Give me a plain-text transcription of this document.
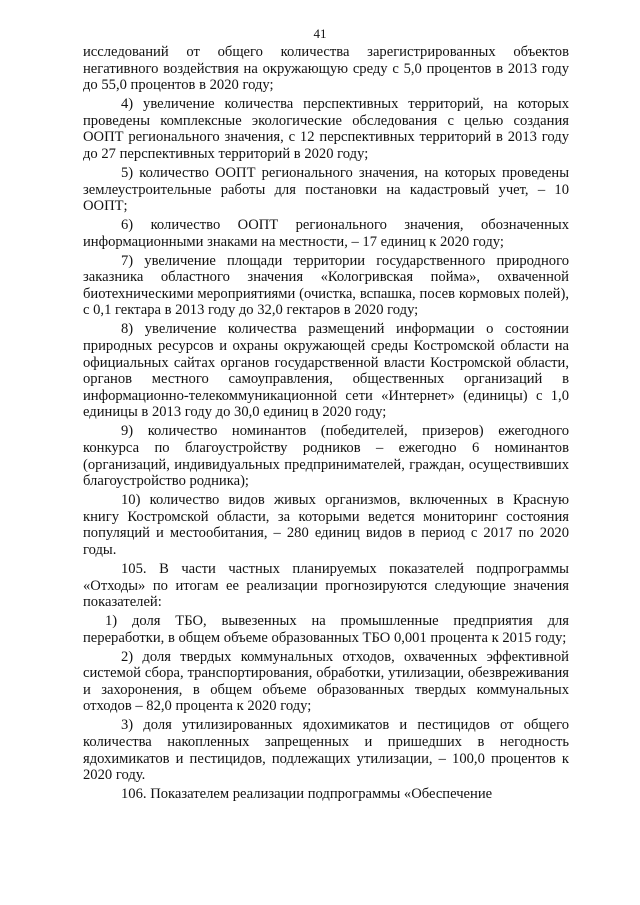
41

исследований от общего количества зарегистрированных объектов негативного воздействия на окружающую среду с 5,0 процентов в 2013 году до 55,0 процентов в 2020 году;

4) увеличение количества перспективных территорий, на которых проведены комплексные экологические обследования с целью создания ООПТ регионального значения, с 12 перспективных территорий в 2013 году до 27 перспективных территорий в 2020 году;

5) количество ООПТ регионального значения, на которых проведены землеустроительные работы для постановки на кадастровый учет, – 10 ООПТ;

6) количество ООПТ регионального значения, обозначенных информационными знаками на местности, – 17 единиц к 2020 году;

7) увеличение площади территории государственного природного заказника областного значения «Кологривская пойма», охваченной биотехническими мероприятиями (очистка, вспашка, посев кормовых полей), с 0,1 гектара в 2013 году до 32,0 гектаров в 2020 году;

8) увеличение количества размещений информации о состоянии природных ресурсов и охраны окружающей среды Костромской области на официальных сайтах органов государственной власти Костромской области, органов местного самоуправления, общественных организаций в информационно-телекоммуникационной сети «Интернет» (единицы) с 1,0 единицы в 2013 году до 30,0 единиц в 2020 году;

9) количество номинантов (победителей, призеров) ежегодного конкурса по благоустройству родников – ежегодно 6 номинантов (организаций, индивидуальных предпринимателей, граждан, осуществивших благоустройство родника);

10) количество видов живых организмов, включенных в Красную книгу Костромской области, за которыми ведется мониторинг состояния популяций и местообитания, – 280 единиц видов в период с 2017 по 2020 годы.

105. В части частных планируемых показателей подпрограммы «Отходы» по итогам ее реализации прогнозируются следующие значения показателей:

1) доля ТБО, вывезенных на промышленные предприятия для переработки, в общем объеме образованных ТБО 0,001 процента к 2015 году;

2) доля твердых коммунальных отходов, охваченных эффективной системой сбора, транспортирования, обработки, утилизации, обезвреживания и захоронения, в общем объеме образованных твердых коммунальных отходов – 82,0 процента к 2020 году;

3) доля утилизированных ядохимикатов и пестицидов от общего количества накопленных запрещенных и пришедших в негодность ядохимикатов и пестицидов, подлежащих утилизации, – 100,0 процентов к 2020 году.

106. Показателем реализации подпрограммы «Обеспечение
